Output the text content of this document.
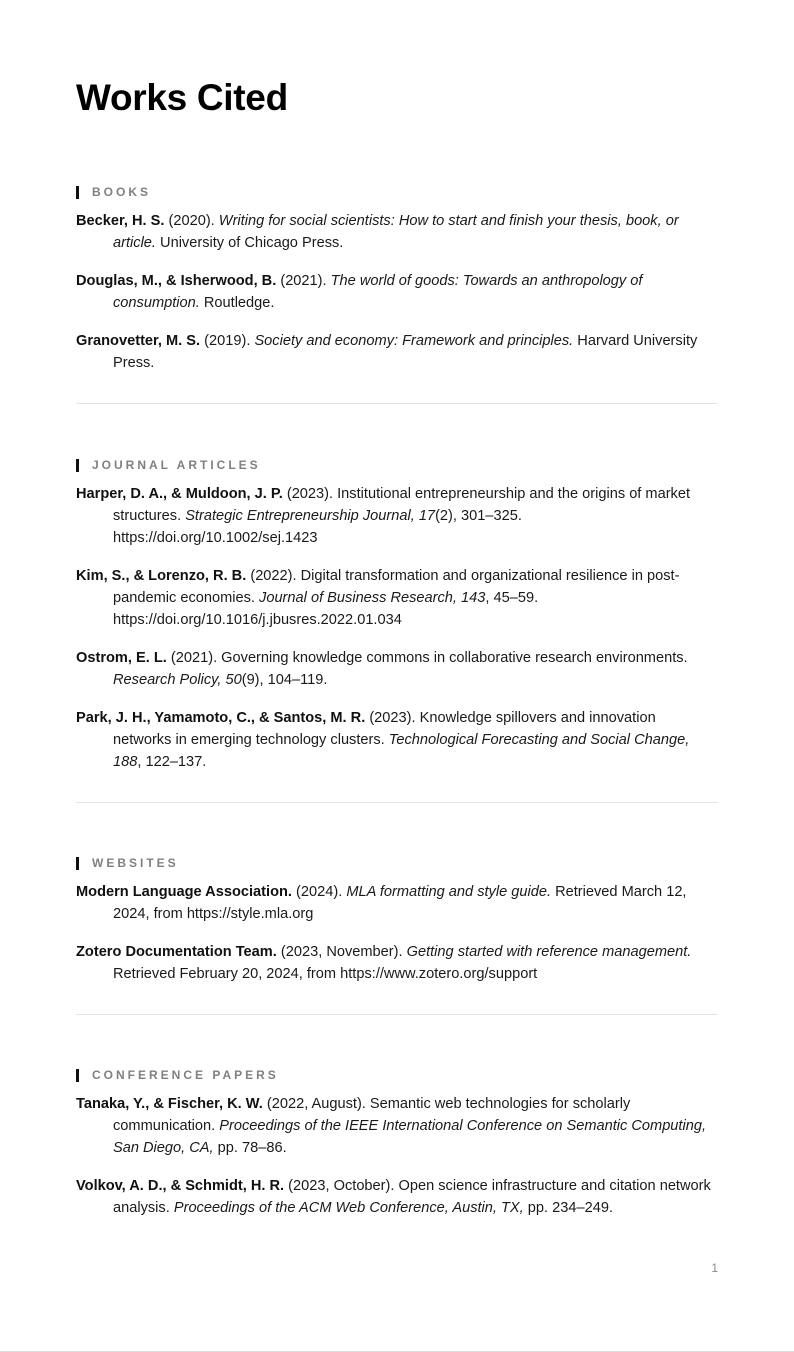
Works Cited
BOOKS

Becker, H. S. (2020). Writing for social scientists: How to start and finish your thesis, book, or article. University of Chicago Press.

Douglas, M., & Isherwood, B. (2021). The world of goods: Towards an anthropology of consumption. Routledge.

Granovetter, M. S. (2019). Society and economy: Framework and principles. Harvard University Press.

JOURNAL ARTICLES

Harper, D. A., & Muldoon, J. P. (2023). Institutional entrepreneurship and the origins of market structures. Strategic Entrepreneurship Journal, 17(2), 301–325. https://doi.org/10.1002/sej.1423

Kim, S., & Lorenzo, R. B. (2022). Digital transformation and organizational resilience in post-pandemic economies. Journal of Business Research, 143, 45–59. https://doi.org/10.1016/j.jbusres.2022.01.034

Ostrom, E. L. (2021). Governing knowledge commons in collaborative research environments. Research Policy, 50(9), 104–119.

Park, J. H., Yamamoto, C., & Santos, M. R. (2023). Knowledge spillovers and innovation networks in emerging technology clusters. Technological Forecasting and Social Change, 188, 122–137.

WEBSITES

Modern Language Association. (2024). MLA formatting and style guide. Retrieved March 12, 2024, from https://style.mla.org

Zotero Documentation Team. (2023, November). Getting started with reference management. Retrieved February 20, 2024, from https://www.zotero.org/support

CONFERENCE PAPERS

Tanaka, Y., & Fischer, K. W. (2022, August). Semantic web technologies for scholarly communication. Proceedings of the IEEE International Conference on Semantic Computing, San Diego, CA, pp. 78–86.

Volkov, A. D., & Schmidt, H. R. (2023, October). Open science infrastructure and citation network analysis. Proceedings of the ACM Web Conference, Austin, TX, pp. 234–249.

1
